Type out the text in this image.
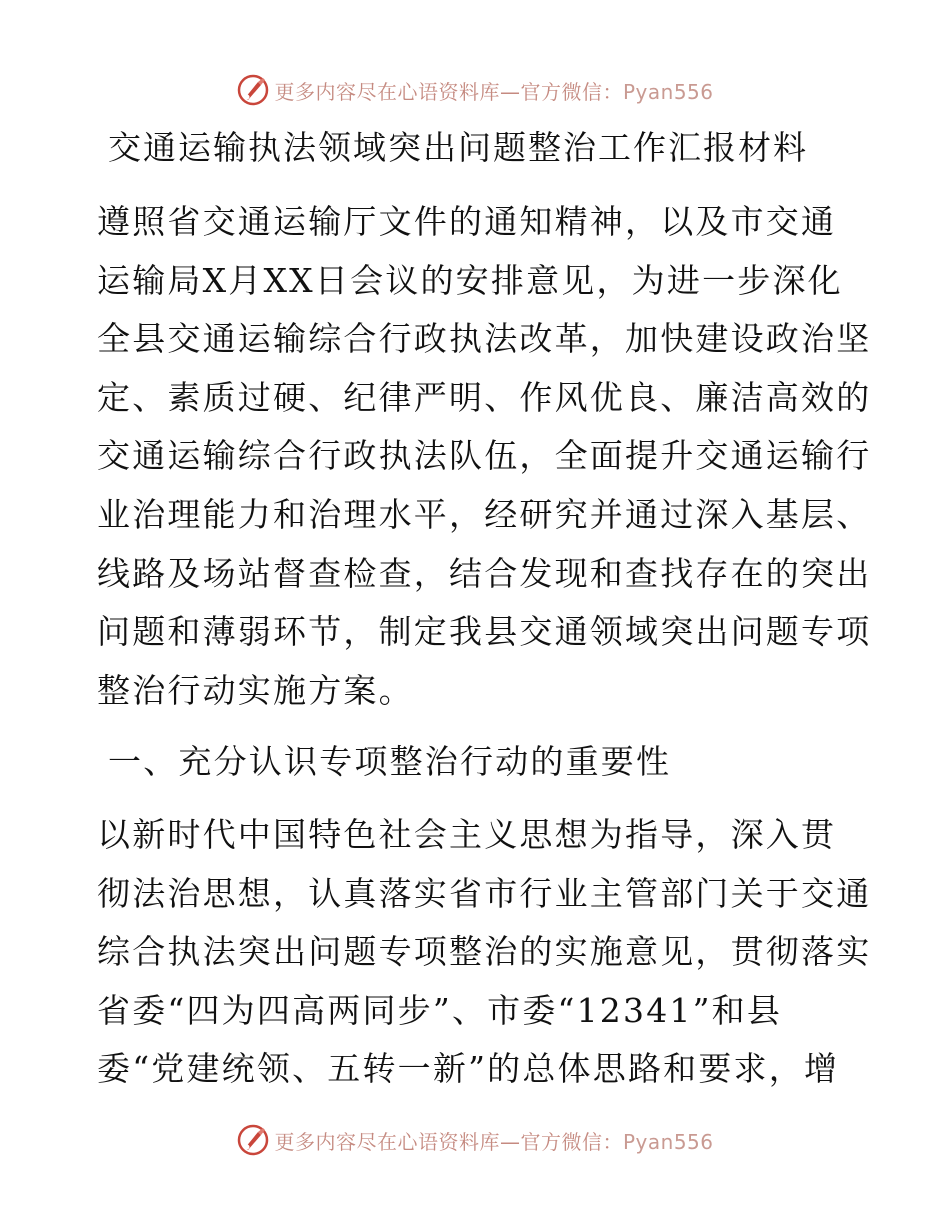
更多内容尽在心语资料库—官方微信：Pyan556
交通运输执法领域突出问题整治工作汇报材料
遵照省交通运输厅文件的通知精神，以及市交通
运输局X月XX日会议的安排意见，为进一步深化
全县交通运输综合行政执法改革，加快建设政治坚
定、素质过硬、纪律严明、作风优良、廉洁高效的
交通运输综合行政执法队伍，全面提升交通运输行
业治理能力和治理水平，经研究并通过深入基层、
线路及场站督查检查，结合发现和查找存在的突出
问题和薄弱环节，制定我县交通领域突出问题专项
整治行动实施方案。
一、充分认识专项整治行动的重要性
以新时代中国特色社会主义思想为指导，深入贯
彻法治思想，认真落实省市行业主管部门关于交通
综合执法突出问题专项整治的实施意见，贯彻落实
省委“四为四高两同步”、市委“12341”和县
委“党建统领、五转一新”的总体思路和要求，增
更多内容尽在心语资料库—官方微信：Pyan556
